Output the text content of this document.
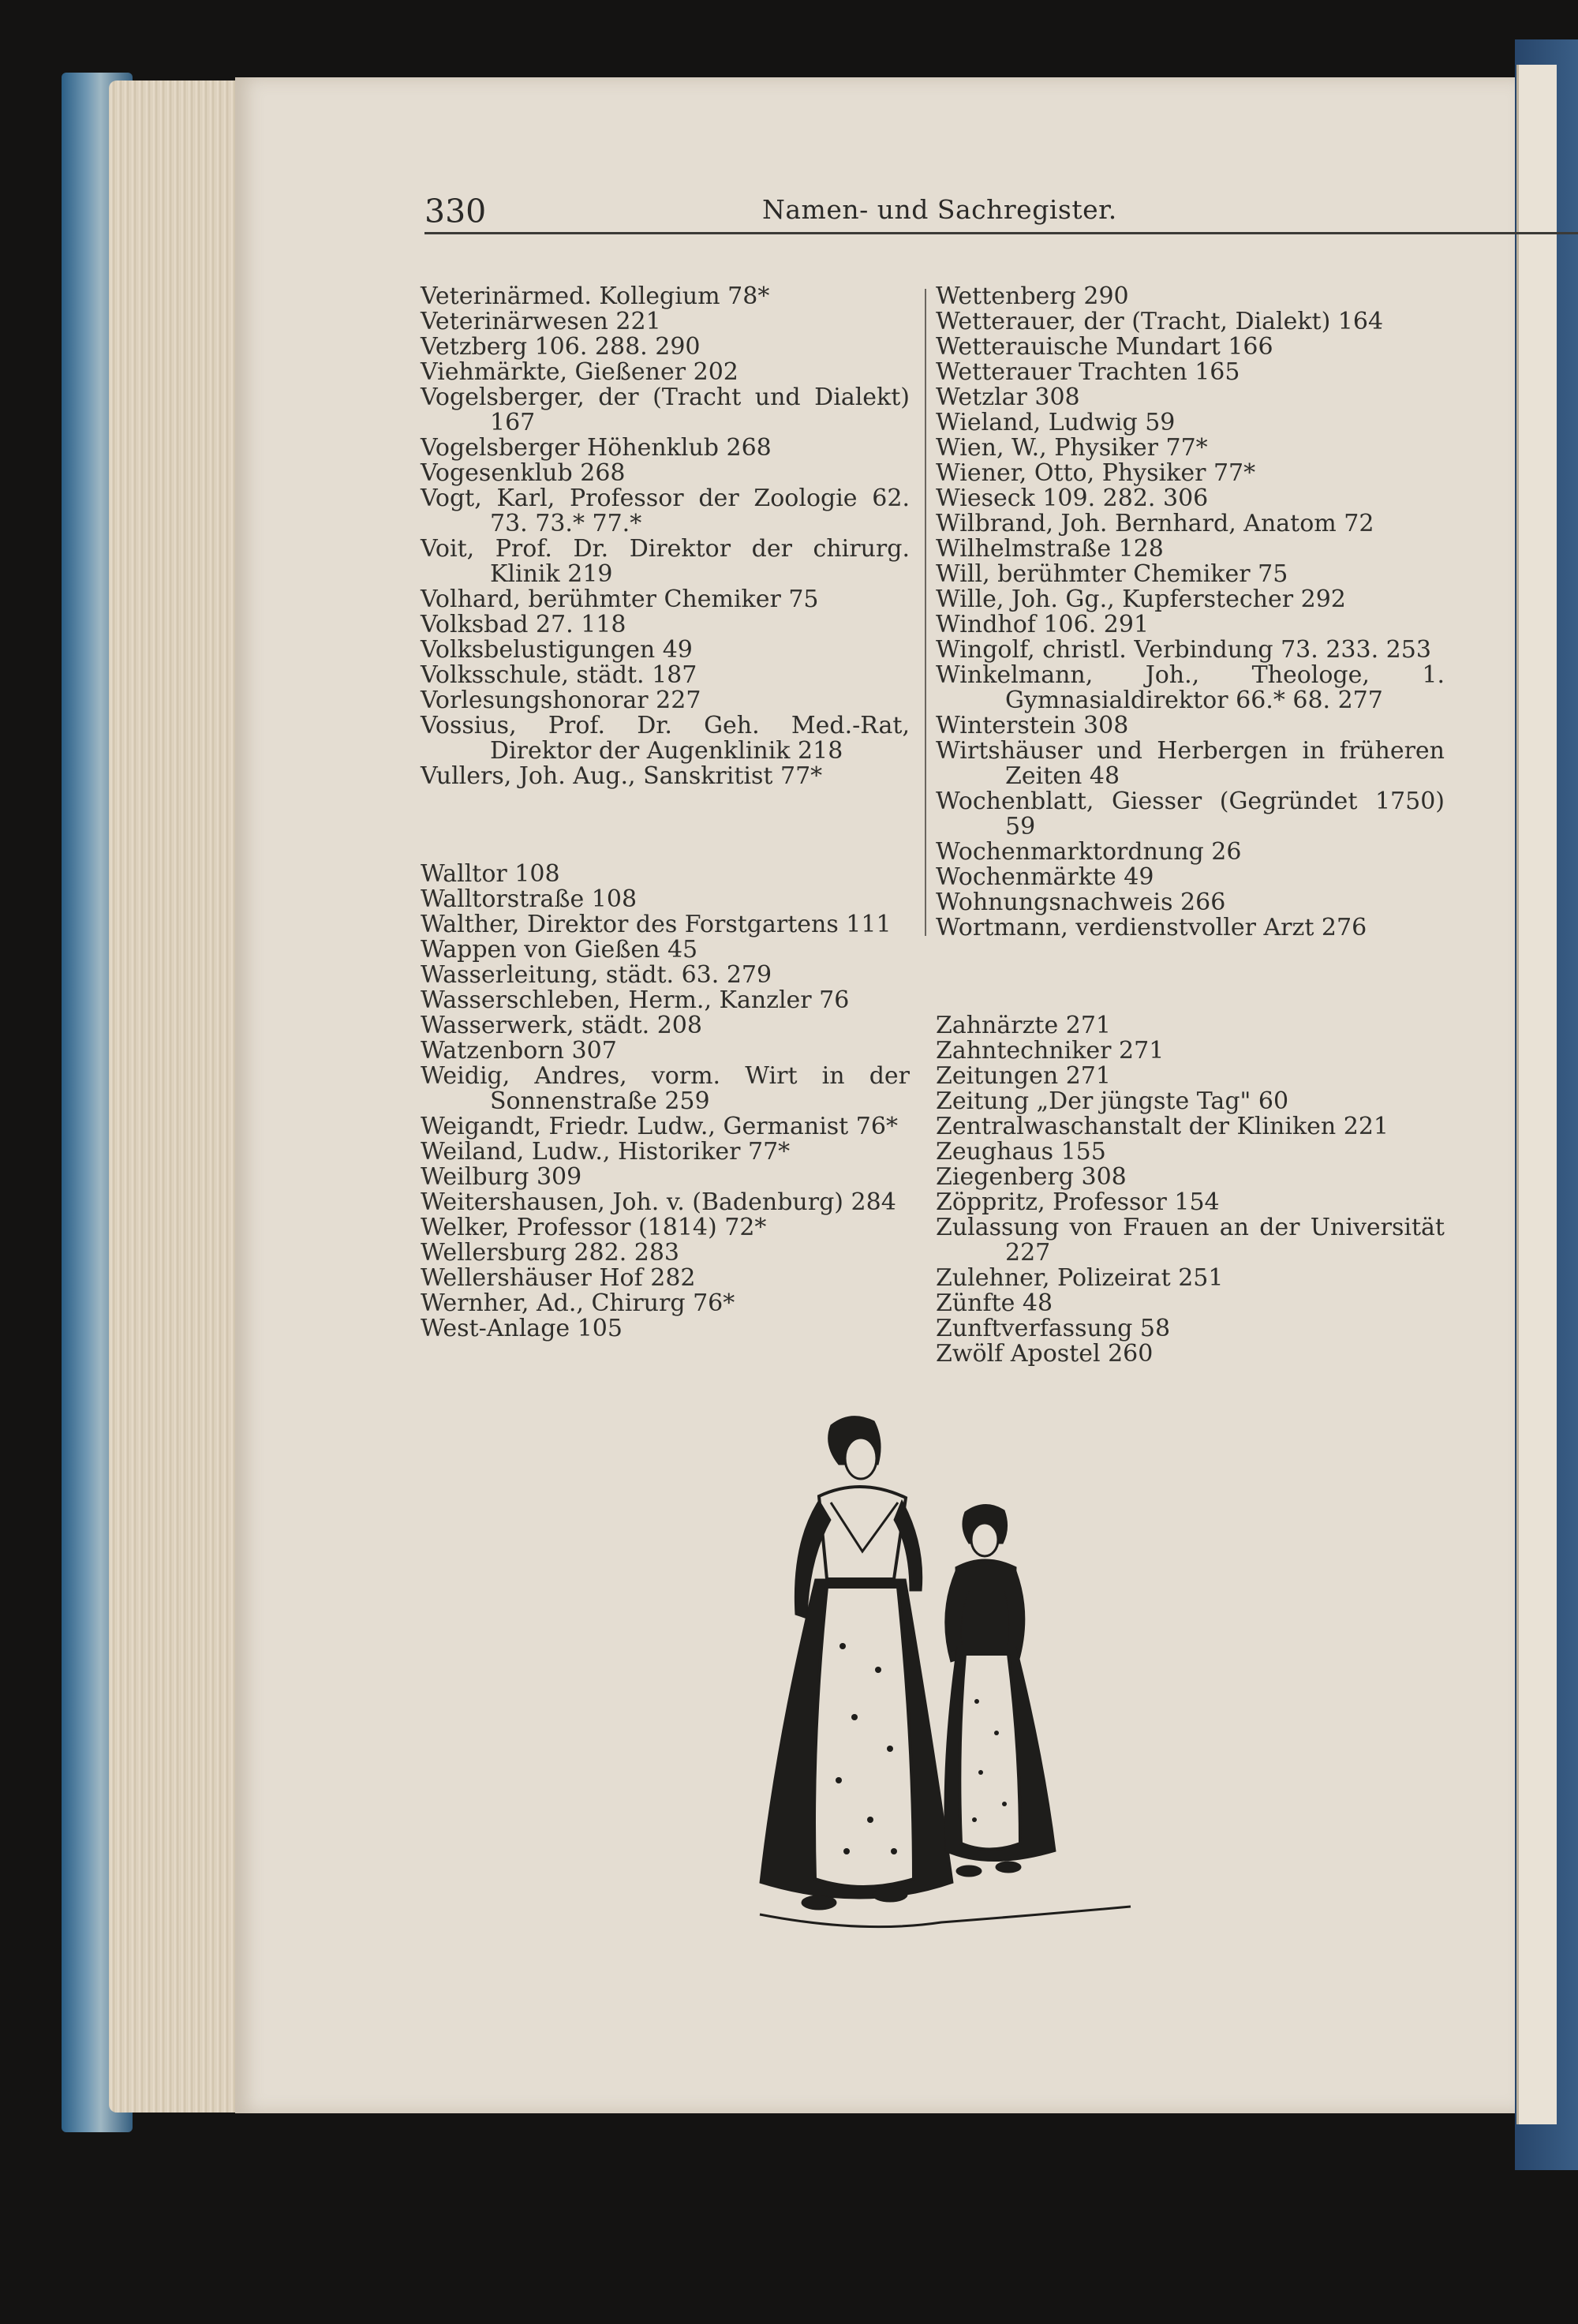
330	Namen- und Sachregister.

Veterinärmed. Kollegium 78*

Veterinärwesen 221

Vetzberg 106. 288. 290

Viehmärkte, Gießener 202

Vogelsberger, der (Tracht und Dialekt) 167

Vogelsberger Höhenklub 268

Vogesenklub 268

Vogt, Karl, Professor der Zoologie 62. 73. 73.* 77.*

Voit, Prof. Dr. Direktor der chirurg. Klinik 219

Volhard, berühmter Chemiker 75

Volksbad 27. 118

Volksbelustigungen 49

Volksschule, städt. 187

Vorlesungshonorar 227

Vossius, Prof. Dr. Geh. Med.-Rat, Direktor der Augenklinik 218

Vullers, Joh. Aug., Sanskritist 77*

Walltor 108

Walltorstraße 108

Walther, Direktor des Forstgartens 111

Wappen von Gießen 45

Wasserleitung, städt. 63. 279

Wasserschleben, Herm., Kanzler 76

Wasserwerk, städt. 208

Watzenborn 307

Weidig, Andres, vorm. Wirt in der Sonnenstraße 259

Weigandt, Friedr. Ludw., Germanist 76*

Weiland, Ludw., Historiker 77*

Weilburg 309

Weitershausen, Joh. v. (Badenburg) 284

Welker, Professor (1814) 72*

Wellersburg 282. 283

Wellershäuser Hof 282

Wernher, Ad., Chirurg 76*

West-Anlage 105

Wettenberg 290

Wetterauer, der (Tracht, Dialekt) 164

Wetterauische Mundart 166

Wetterauer Trachten 165

Wetzlar 308

Wieland, Ludwig 59

Wien, W., Physiker 77*

Wiener, Otto, Physiker 77*

Wieseck 109. 282. 306

Wilbrand, Joh. Bernhard, Anatom 72

Wilhelmstraße 128

Will, berühmter Chemiker 75

Wille, Joh. Gg., Kupferstecher 292

Windhof 106. 291

Wingolf, christl. Verbindung 73. 233. 253

Winkelmann, Joh., Theologe, 1. Gymnasialdirektor 66.* 68. 277

Winterstein 308

Wirtshäuser und Herbergen in früheren Zeiten 48

Wochenblatt, Giesser (Gegründet 1750) 59

Wochenmarktordnung 26

Wochenmärkte 49

Wohnungsnachweis 266

Wortmann, verdienstvoller Arzt 276

Zahnärzte 271

Zahntechniker 271

Zeitungen 271

Zeitung „Der jüngste Tag" 60

Zentralwaschanstalt der Kliniken 221

Zeughaus 155

Ziegenberg 308

Zöppritz, Professor 154

Zulassung von Frauen an der Universität 227

Zulehner, Polizeirat 251

Zünfte 48

Zunftverfassung 58

Zwölf Apostel 260
